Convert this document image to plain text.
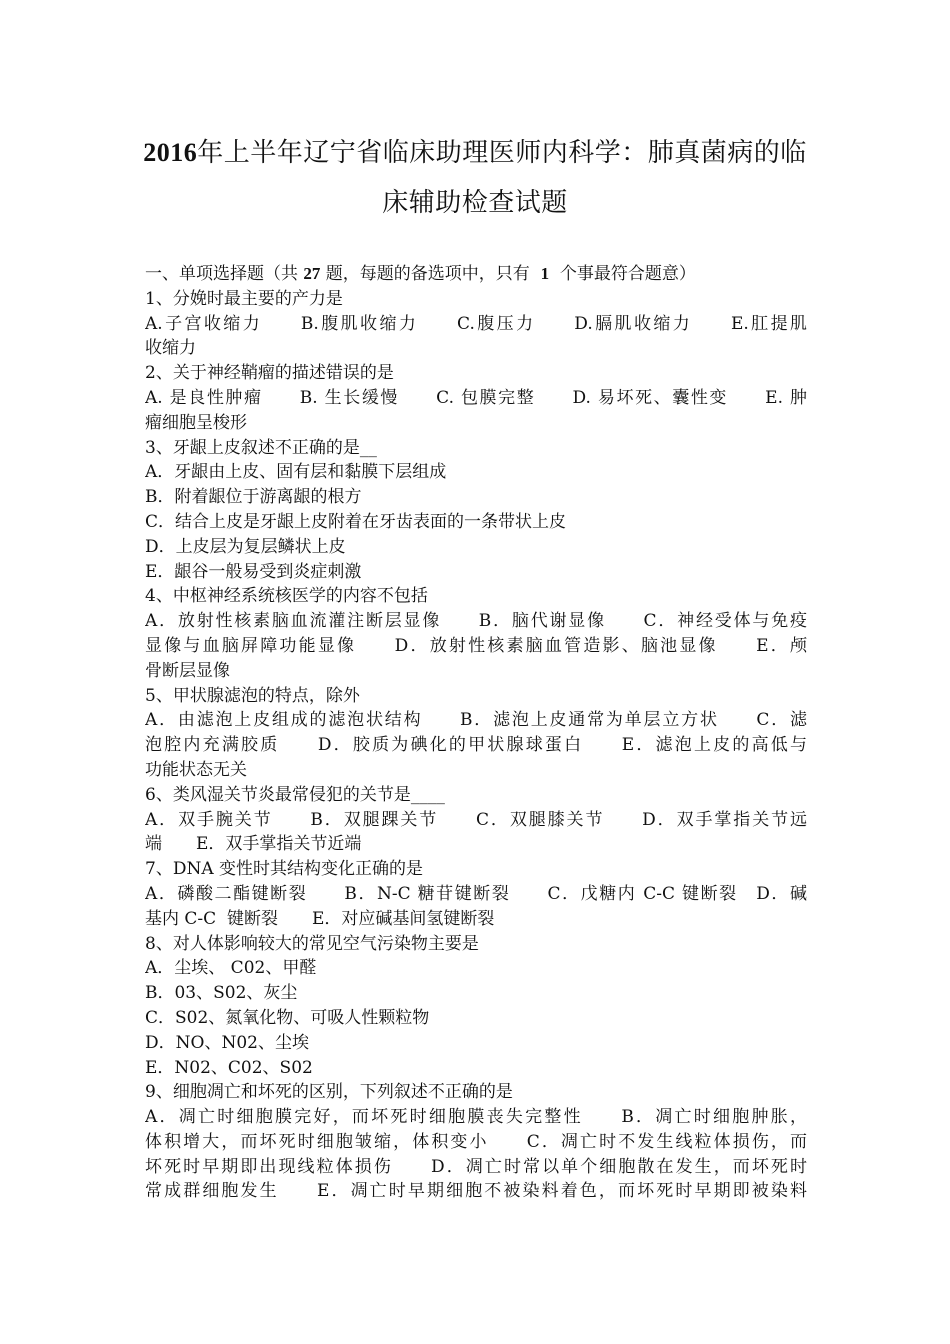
2016年上半年辽宁省临床助理医师内科学：肺真菌病的临
床辅助检查试题
一、单项选择题（共 27 题，每题的备选项中，只有  1  个事最符合题意）
1、分娩时最主要的产力是
A.子宫收缩力　　B.腹肌收缩力　　C.腹压力　　D.膈肌收缩力　　E.肛提肌
收缩力
2、关于神经鞘瘤的描述错误的是
A. 是良性肿瘤　　B. 生长缓慢　　C. 包膜完整　　D. 易坏死、囊性变　　E. 肿
瘤细胞呈梭形
3、牙龈上皮叙述不正确的是__
A．牙龈由上皮、固有层和黏膜下层组成
B．附着龈位于游离龈的根方
C．结合上皮是牙龈上皮附着在牙齿表面的一条带状上皮
D．上皮层为复层鳞状上皮
E．龈谷一般易受到炎症刺激
4、中枢神经系统核医学的内容不包括
A．放射性核素脑血流灌注断层显像　　B．脑代谢显像　　C．神经受体与免疫
显像与血脑屏障功能显像　　D．放射性核素脑血管造影、脑池显像　　E．颅
骨断层显像
5、甲状腺滤泡的特点，除外
A．由滤泡上皮组成的滤泡状结构　　B．滤泡上皮通常为单层立方状　　C．滤
泡腔内充满胶质　　D．胶质为碘化的甲状腺球蛋白　　E．滤泡上皮的高低与
功能状态无关
6、类风湿关节炎最常侵犯的关节是____
A．双手腕关节　　B．双腿踝关节　　C．双腿膝关节　　D．双手掌指关节远
端　　E．双手掌指关节近端
7、DNA 变性时其结构变化正确的是
A．磷酸二酯键断裂　　B．N-C 糖苷键断裂　　C．戊糖内 C-C 键断裂　D．碱
基内 C-C  键断裂　　E．对应碱基间氢键断裂
8、对人体影响较大的常见空气污染物主要是
A．尘埃、 C02、甲醛
B．03、S02、灰尘
C．S02、氮氧化物、可吸人性颗粒物
D．NO、N02、尘埃
E．N02、C02、S02
9、细胞凋亡和坏死的区别，下列叙述不正确的是
A．凋亡时细胞膜完好，而坏死时细胞膜丧失完整性　　B．凋亡时细胞肿胀，
体积增大，而坏死时细胞皱缩，体积变小　　C．凋亡时不发生线粒体损伤，而
坏死时早期即出现线粒体损伤　　D．凋亡时常以单个细胞散在发生，而坏死时
常成群细胞发生　　E．凋亡时早期细胞不被染料着色，而坏死时早期即被染料
